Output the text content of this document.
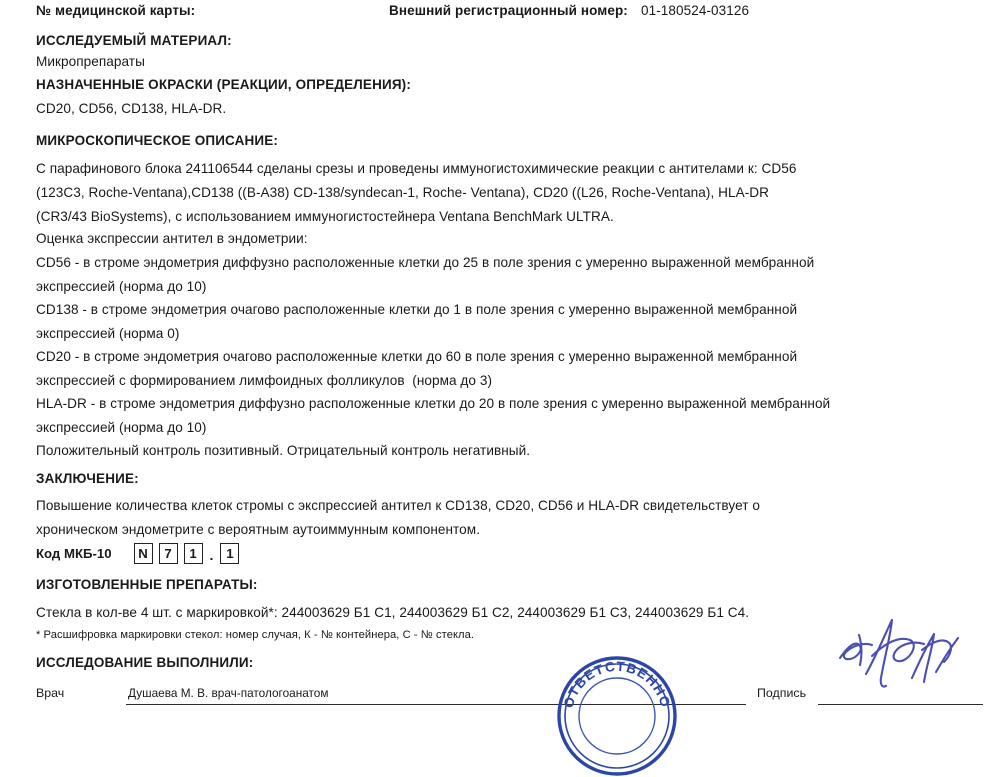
№ медицинской карты:	Внешний регистрационный номер: 01-180524-03126
ИССЛЕДУЕМЫЙ МАТЕРИАЛ:
Микропрепараты
НАЗНАЧЕННЫЕ ОКРАСКИ (РЕАКЦИИ, ОПРЕДЕЛЕНИЯ):
CD20, CD56, CD138, HLA-DR.
МИКРОСКОПИЧЕСКОЕ ОПИСАНИЕ:
С парафинового блока 241106544 сделаны срезы и проведены иммуногистохимические реакции с антителами к: CD56
(123C3, Roche-Ventana),CD138 ((B-A38) CD-138/syndecan-1, Roche- Ventana), CD20 ((L26, Roche-Ventana), HLA-DR
(CR3/43 BioSystems), с использованием иммуногистостейнера Ventana BenchMark ULTRA.
Оценка экспрессии антител в эндометрии:
CD56 - в строме эндометрия диффузно расположенные клетки до 25 в поле зрения с умеренно выраженной мембранной
экспрессией (норма до 10)
CD138 - в строме эндометрия очагово расположенные клетки до 1 в поле зрения с умеренно выраженной мембранной
экспрессией (норма 0)
CD20 - в строме эндометрия очагово расположенные клетки до 60 в поле зрения с умеренно выраженной мембранной
экспрессией с формированием лимфоидных фолликулов  (норма до 3)
HLA-DR - в строме эндометрия диффузно расположенные клетки до 20 в поле зрения с умеренно выраженной мембранной
экспрессией (норма до 10)
Положительный контроль позитивный. Отрицательный контроль негативный.
ЗАКЛЮЧЕНИЕ:
Повышение количества клеток стромы с экспрессией антител к CD138, CD20, CD56 и HLA-DR свидетельствует о
хроническом эндометрите с вероятным аутоиммунным компонентом.
Код МКБ-10	N	7	1 . 1
ИЗГОТОВЛЕННЫЕ ПРЕПАРАТЫ:
Стекла в кол-ве 4 шт. с маркировкой*: 244003629 Б1 С1, 244003629 Б1 С2, 244003629 Б1 С3, 244003629 Б1 С4.
* Расшифровка маркировки стекол: номер случая, К - № контейнера, С - № стекла.
ИССЛЕДОВАНИЕ ВЫПОЛНИЛИ:
Врач	Душаева М. В. врач-патологоанатом	Подпись
ОТВЕТСТВЕННО
